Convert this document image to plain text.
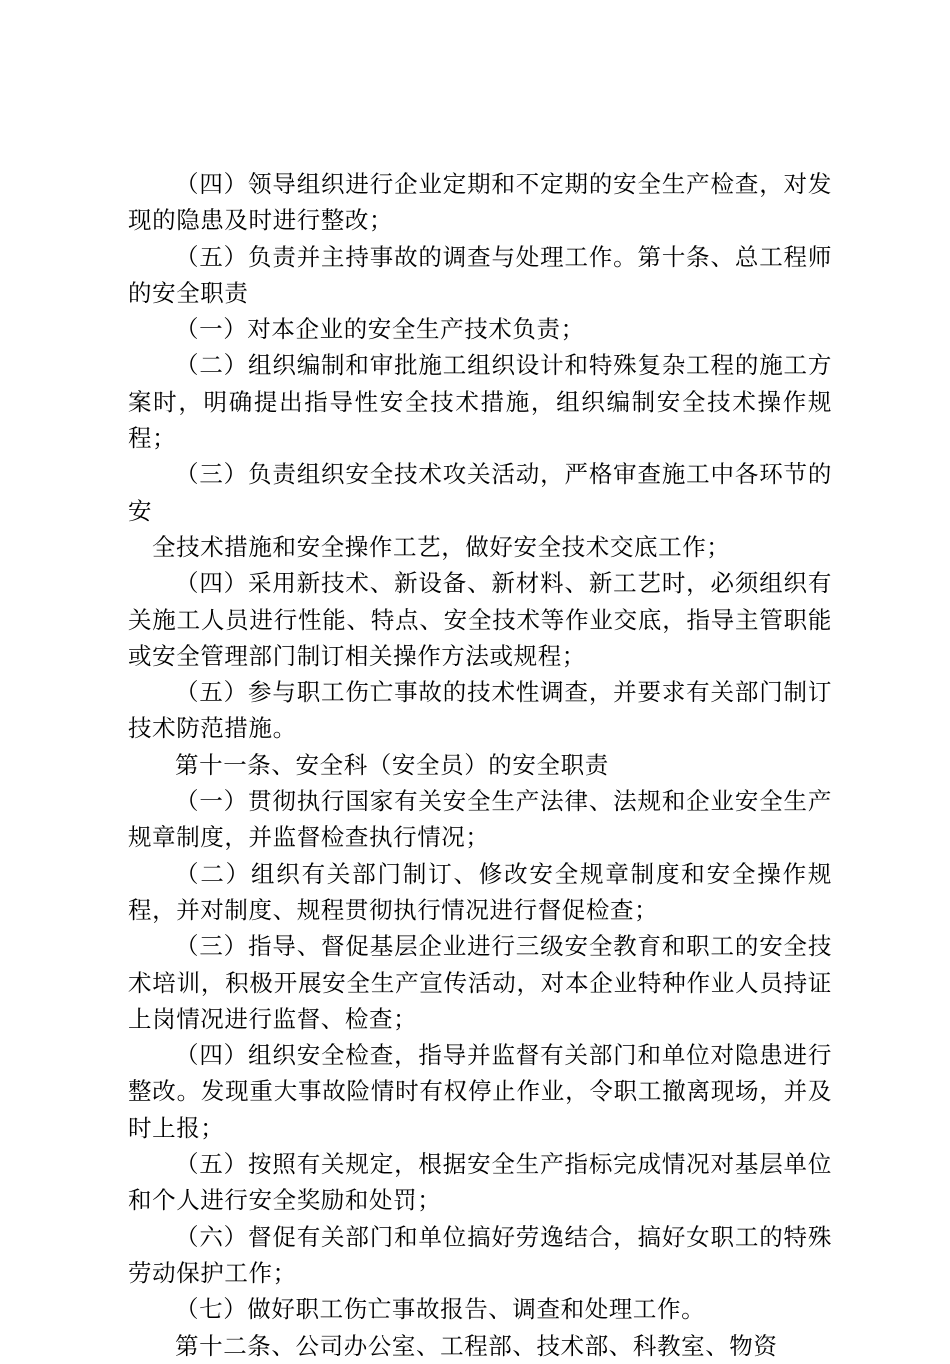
（四）领导组织进行企业定期和不定期的安全生产检查，对发现的隐患及时进行整改；

（五）负责并主持事故的调查与处理工作。第十条、总工程师的安全职责

（一）对本企业的安全生产技术负责；

（二）组织编制和审批施工组织设计和特殊复杂工程的施工方案时，明确提出指导性安全技术措施，组织编制安全技术操作规程；

（三）负责组织安全技术攻关活动，严格审查施工中各环节的安

全技术措施和安全操作工艺，做好安全技术交底工作；

（四）采用新技术、新设备、新材料、新工艺时，必须组织有关施工人员进行性能、特点、安全技术等作业交底，指导主管职能或安全管理部门制订相关操作方法或规程；

（五）参与职工伤亡事故的技术性调查，并要求有关部门制订技术防范措施。

第十一条、安全科（安全员）的安全职责

（一）贯彻执行国家有关安全生产法律、法规和企业安全生产规章制度，并监督检查执行情况；

（二）组织有关部门制订、修改安全规章制度和安全操作规程，并对制度、规程贯彻执行情况进行督促检查；

（三）指导、督促基层企业进行三级安全教育和职工的安全技术培训，积极开展安全生产宣传活动，对本企业特种作业人员持证上岗情况进行监督、检查；

（四）组织安全检查，指导并监督有关部门和单位对隐患进行整改。发现重大事故险情时有权停止作业，令职工撤离现场，并及时上报；

（五）按照有关规定，根据安全生产指标完成情况对基层单位和个人进行安全奖励和处罚；

（六）督促有关部门和单位搞好劳逸结合，搞好女职工的特殊劳动保护工作；

（七）做好职工伤亡事故报告、调查和处理工作。

第十二条、公司办公室、工程部、技术部、科教室、物资
